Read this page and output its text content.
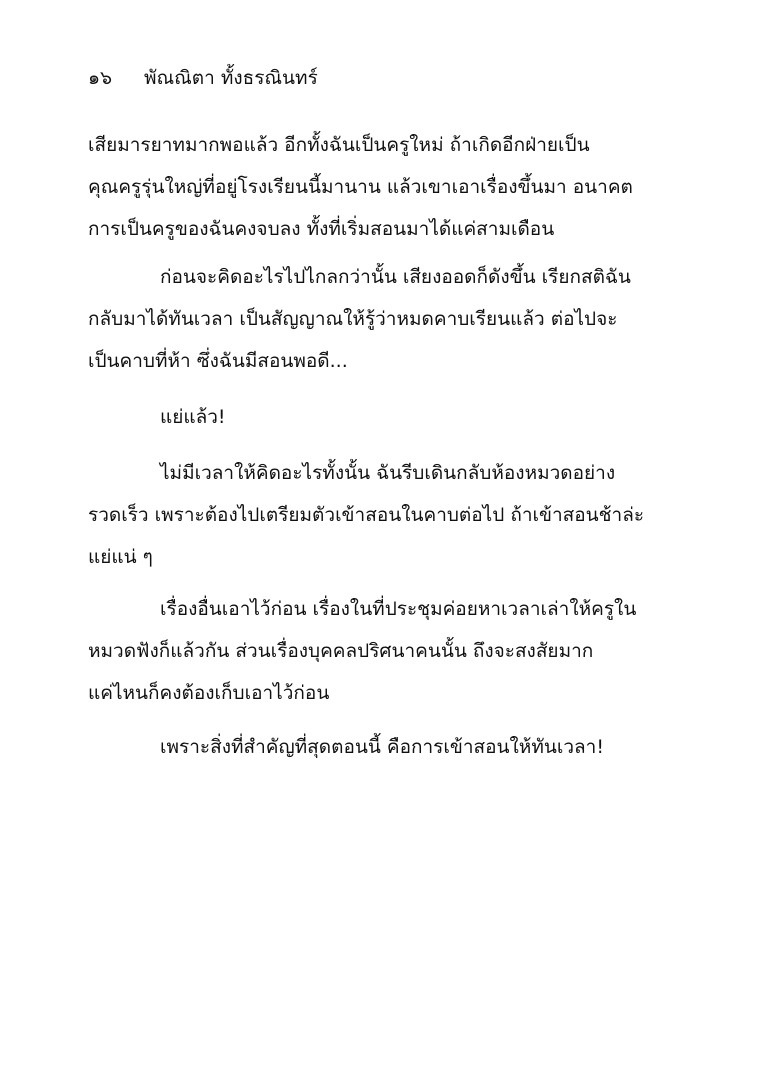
๑๖ พัณณิตา ทั้งธรณินทร์
เสียมารยาทมากพอแล้ว อีกทั้งฉันเป็นครูใหม่ ถ้าเกิดอีกฝ่ายเป็น
คุณครูรุ่นใหญ่ที่อยู่โรงเรียนนี้มานาน แล้วเขาเอาเรื่องขึ้นมา อนาคต
การเป็นครูของฉันคงจบลง ทั้งที่เริ่มสอนมาได้แค่สามเดือน
ก่อนจะคิดอะไรไปไกลกว่านั้น เสียงออดก็ดังขึ้น เรียกสติฉัน
กลับมาได้ทันเวลา เป็นสัญญาณให้รู้ว่าหมดคาบเรียนแล้ว ต่อไปจะ
เป็นคาบที่ห้า ซึ่งฉันมีสอนพอดี...
แย่แล้ว!
ไม่มีเวลาให้คิดอะไรทั้งนั้น ฉันรีบเดินกลับห้องหมวดอย่าง
รวดเร็ว เพราะต้องไปเตรียมตัวเข้าสอนในคาบต่อไป ถ้าเข้าสอนช้าล่ะ
แย่แน่ ๆ
เรื่องอื่นเอาไว้ก่อน เรื่องในที่ประชุมค่อยหาเวลาเล่าให้ครูใน
หมวดฟังก็แล้วกัน ส่วนเรื่องบุคคลปริศนาคนนั้น ถึงจะสงสัยมาก
แค่ไหนก็คงต้องเก็บเอาไว้ก่อน
เพราะสิ่งที่สำคัญที่สุดตอนนี้ คือการเข้าสอนให้ทันเวลา!
